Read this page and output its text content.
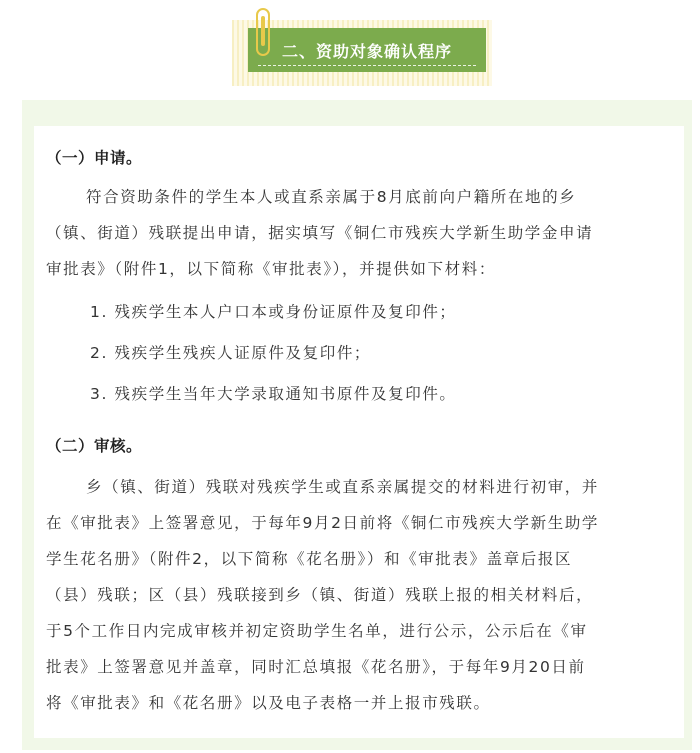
二、资助对象确认程序
（一）申请。
符合资助条件的学生本人或直系亲属于8月底前向户籍所在地的乡
（镇、街道）残联提出申请，据实填写《铜仁市残疾大学新生助学金申请
审批表》（附件1，以下简称《审批表》），并提供如下材料：
1. 残疾学生本人户口本或身份证原件及复印件；
2. 残疾学生残疾人证原件及复印件；
3. 残疾学生当年大学录取通知书原件及复印件。
（二）审核。
乡（镇、街道）残联对残疾学生或直系亲属提交的材料进行初审，并
在《审批表》上签署意见，于每年9月2日前将《铜仁市残疾大学新生助学
学生花名册》（附件2，以下简称《花名册》）和《审批表》盖章后报区
（县）残联；区（县）残联接到乡（镇、街道）残联上报的相关材料后，
于5个工作日内完成审核并初定资助学生名单，进行公示，公示后在《审
批表》上签署意见并盖章，同时汇总填报《花名册》，于每年9月20日前
将《审批表》和《花名册》以及电子表格一并上报市残联。
